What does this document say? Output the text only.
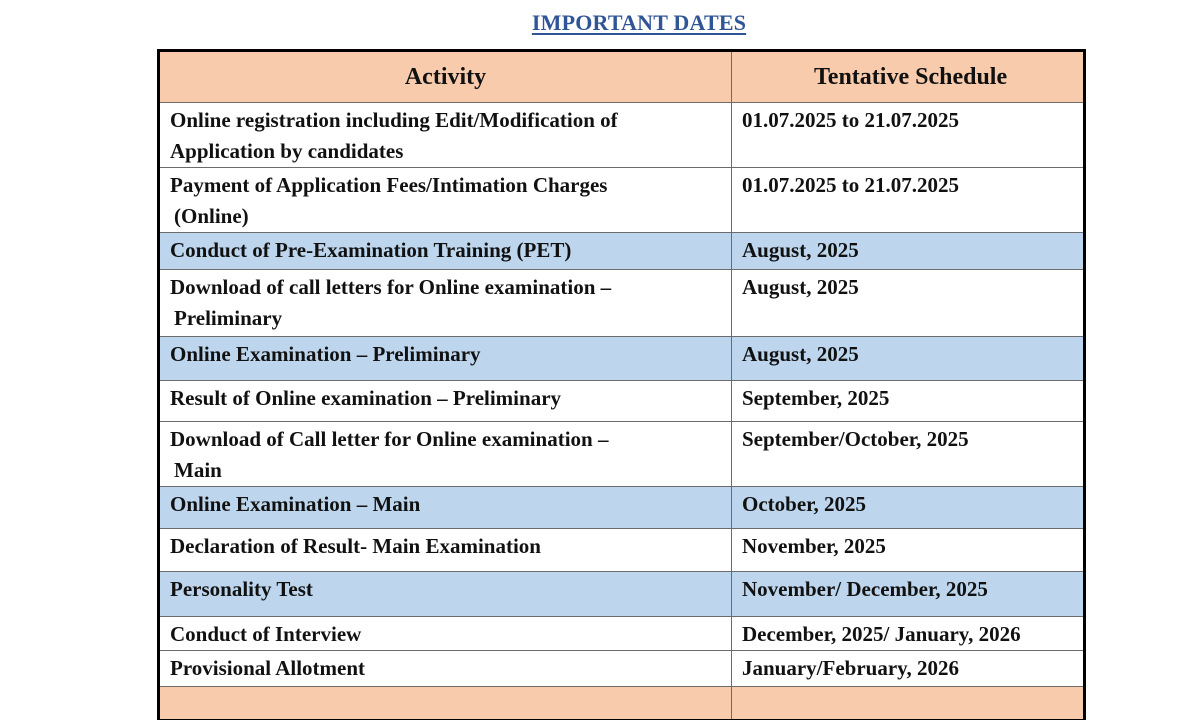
IMPORTANT DATES
Activity	Tentative Schedule

Online registration including Edit/Modification of
Application by candidates	01.07.2025 to 21.07.2025

Payment of Application Fees/Intimation Charges
(Online)	01.07.2025 to 21.07.2025
Conduct of Pre-Examination Training (PET)	August, 2025

Download of call letters for Online examination –
Preliminary	August, 2025
Online Examination – Preliminary	August, 2025
Result of Online examination – Preliminary	September, 2025

Download of Call letter for Online examination –
Main	September/October, 2025
Online Examination – Main	October, 2025
Declaration of Result- Main Examination	November, 2025
Personality Test	November/ December, 2025
Conduct of Interview	December, 2025/ January, 2026
Provisional Allotment	January/February, 2026
